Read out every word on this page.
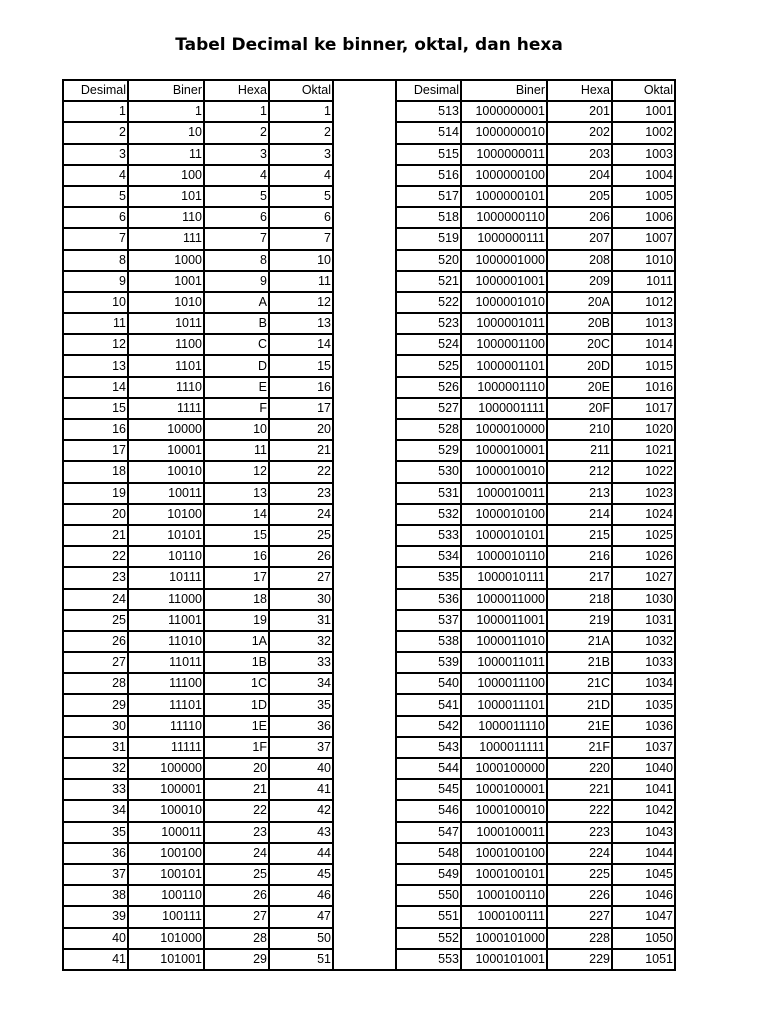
Tabel Decimal ke binner, oktal, dan hexa
Desimal	Biner	Hexa	Oktal		Desimal	Biner	Hexa	Oktal
1	1	1	1		513	1000000001	201	1001
2	10	2	2		514	1000000010	202	1002
3	11	3	3		515	1000000011	203	1003
4	100	4	4		516	1000000100	204	1004
5	101	5	5		517	1000000101	205	1005
6	110	6	6		518	1000000110	206	1006
7	111	7	7		519	1000000111	207	1007
8	1000	8	10		520	1000001000	208	1010
9	1001	9	11		521	1000001001	209	1011
10	1010	A	12		522	1000001010	20A	1012
11	1011	B	13		523	1000001011	20B	1013
12	1100	C	14		524	1000001100	20C	1014
13	1101	D	15		525	1000001101	20D	1015
14	1110	E	16		526	1000001110	20E	1016
15	1111	F	17		527	1000001111	20F	1017
16	10000	10	20		528	1000010000	210	1020
17	10001	11	21		529	1000010001	211	1021
18	10010	12	22		530	1000010010	212	1022
19	10011	13	23		531	1000010011	213	1023
20	10100	14	24		532	1000010100	214	1024
21	10101	15	25		533	1000010101	215	1025
22	10110	16	26		534	1000010110	216	1026
23	10111	17	27		535	1000010111	217	1027
24	11000	18	30		536	1000011000	218	1030
25	11001	19	31		537	1000011001	219	1031
26	11010	1A	32		538	1000011010	21A	1032
27	11011	1B	33		539	1000011011	21B	1033
28	11100	1C	34		540	1000011100	21C	1034
29	11101	1D	35		541	1000011101	21D	1035
30	11110	1E	36		542	1000011110	21E	1036
31	11111	1F	37		543	1000011111	21F	1037
32	100000	20	40		544	1000100000	220	1040
33	100001	21	41		545	1000100001	221	1041
34	100010	22	42		546	1000100010	222	1042
35	100011	23	43		547	1000100011	223	1043
36	100100	24	44		548	1000100100	224	1044
37	100101	25	45		549	1000100101	225	1045
38	100110	26	46		550	1000100110	226	1046
39	100111	27	47		551	1000100111	227	1047
40	101000	28	50		552	1000101000	228	1050
41	101001	29	51		553	1000101001	229	1051
